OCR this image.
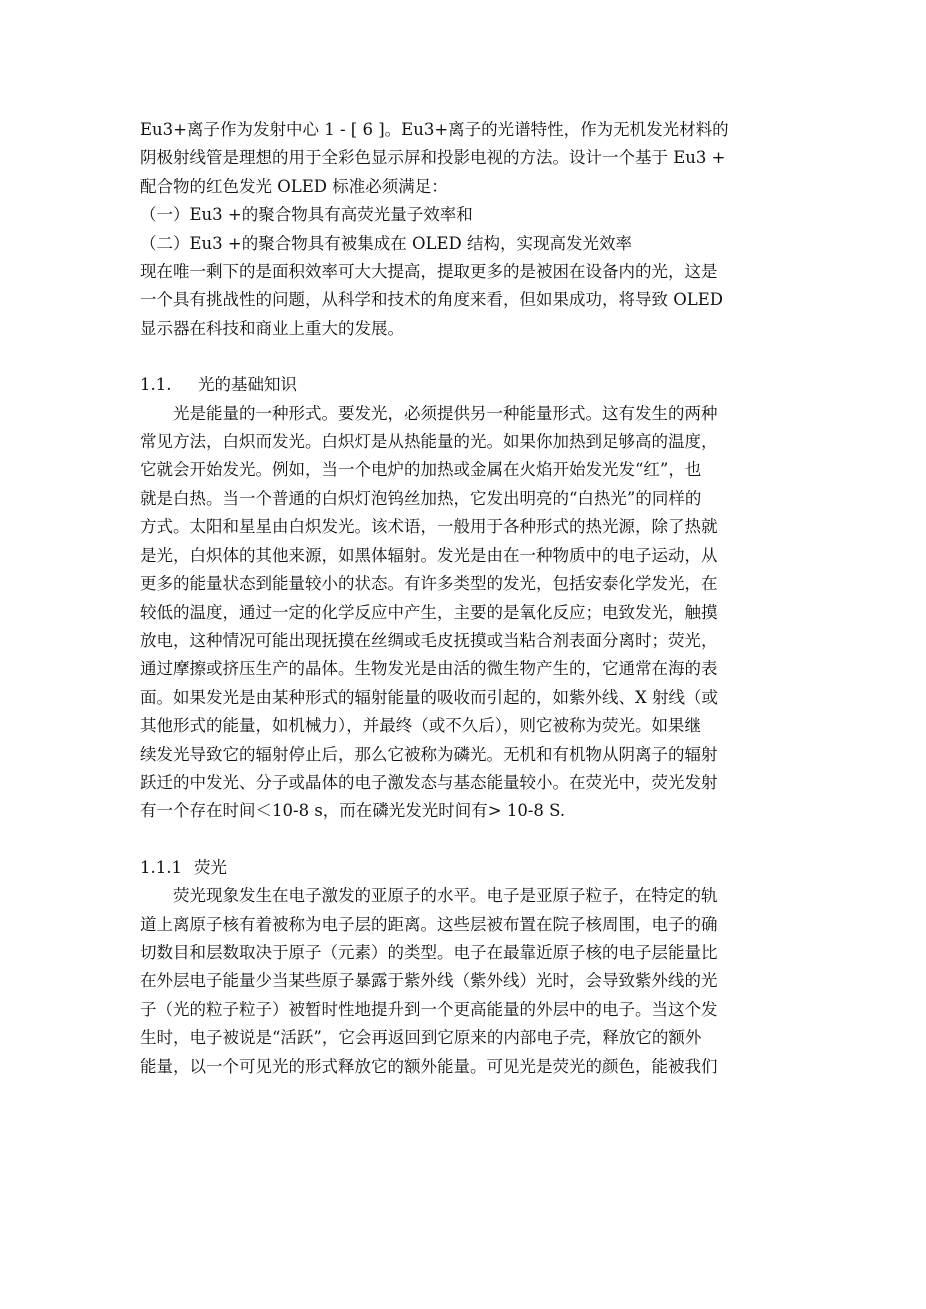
Eu3+离子作为发射中心 1 - [ 6 ]。Eu3+离子的光谱特性，作为无机发光材料的
阴极射线管是理想的用于全彩色显示屏和投影电视的方法。设计一个基于 Eu3 +
配合物的红色发光 OLED 标准必须满足：
（一）Eu3 +的聚合物具有高荧光量子效率和
（二）Eu3 +的聚合物具有被集成在 OLED 结构，实现高发光效率
现在唯一剩下的是面积效率可大大提高，提取更多的是被困在设备内的光，这是
一个具有挑战性的问题，从科学和技术的角度来看，但如果成功，将导致 OLED
显示器在科技和商业上重大的发展。
1.1. 光的基础知识
光是能量的一种形式。要发光，必须提供另一种能量形式。这有发生的两种
常见方法，白炽而发光。白炽灯是从热能量的光。如果你加热到足够高的温度，
它就会开始发光。例如，当一个电炉的加热或金属在火焰开始发光发“红”，也
就是白热。当一个普通的白炽灯泡钨丝加热，它发出明亮的“白热光”的同样的
方式。太阳和星星由白炽发光。该术语，一般用于各种形式的热光源，除了热就
是光，白炽体的其他来源，如黑体辐射。发光是由在一种物质中的电子运动，从
更多的能量状态到能量较小的状态。有许多类型的发光，包括安泰化学发光，在
较低的温度，通过一定的化学反应中产生，主要的是氧化反应；电致发光，触摸
放电，这种情况可能出现抚摸在丝绸或毛皮抚摸或当粘合剂表面分离时；荧光，
通过摩擦或挤压生产的晶体。生物发光是由活的微生物产生的，它通常在海的表
面。如果发光是由某种形式的辐射能量的吸收而引起的，如紫外线、X 射线（或
其他形式的能量，如机械力），并最终（或不久后），则它被称为荧光。如果继
续发光导致它的辐射停止后，那么它被称为磷光。无机和有机物从阴离子的辐射
跃迁的中发光、分子或晶体的电子激发态与基态能量较小。在荧光中，荧光发射
有一个存在时间＜10-8 s，而在磷光发光时间有> 10-8 S.
1.1.1 荧光
荧光现象发生在电子激发的亚原子的水平。电子是亚原子粒子，在特定的轨
道上离原子核有着被称为电子层的距离。这些层被布置在院子核周围，电子的确
切数目和层数取决于原子（元素）的类型。电子在最靠近原子核的电子层能量比
在外层电子能量少当某些原子暴露于紫外线（紫外线）光时，会导致紫外线的光
子（光的粒子粒子）被暂时性地提升到一个更高能量的外层中的电子。当这个发
生时，电子被说是“活跃”，它会再返回到它原来的内部电子壳，释放它的额外
能量，以一个可见光的形式释放它的额外能量。可见光是荧光的颜色，能被我们
